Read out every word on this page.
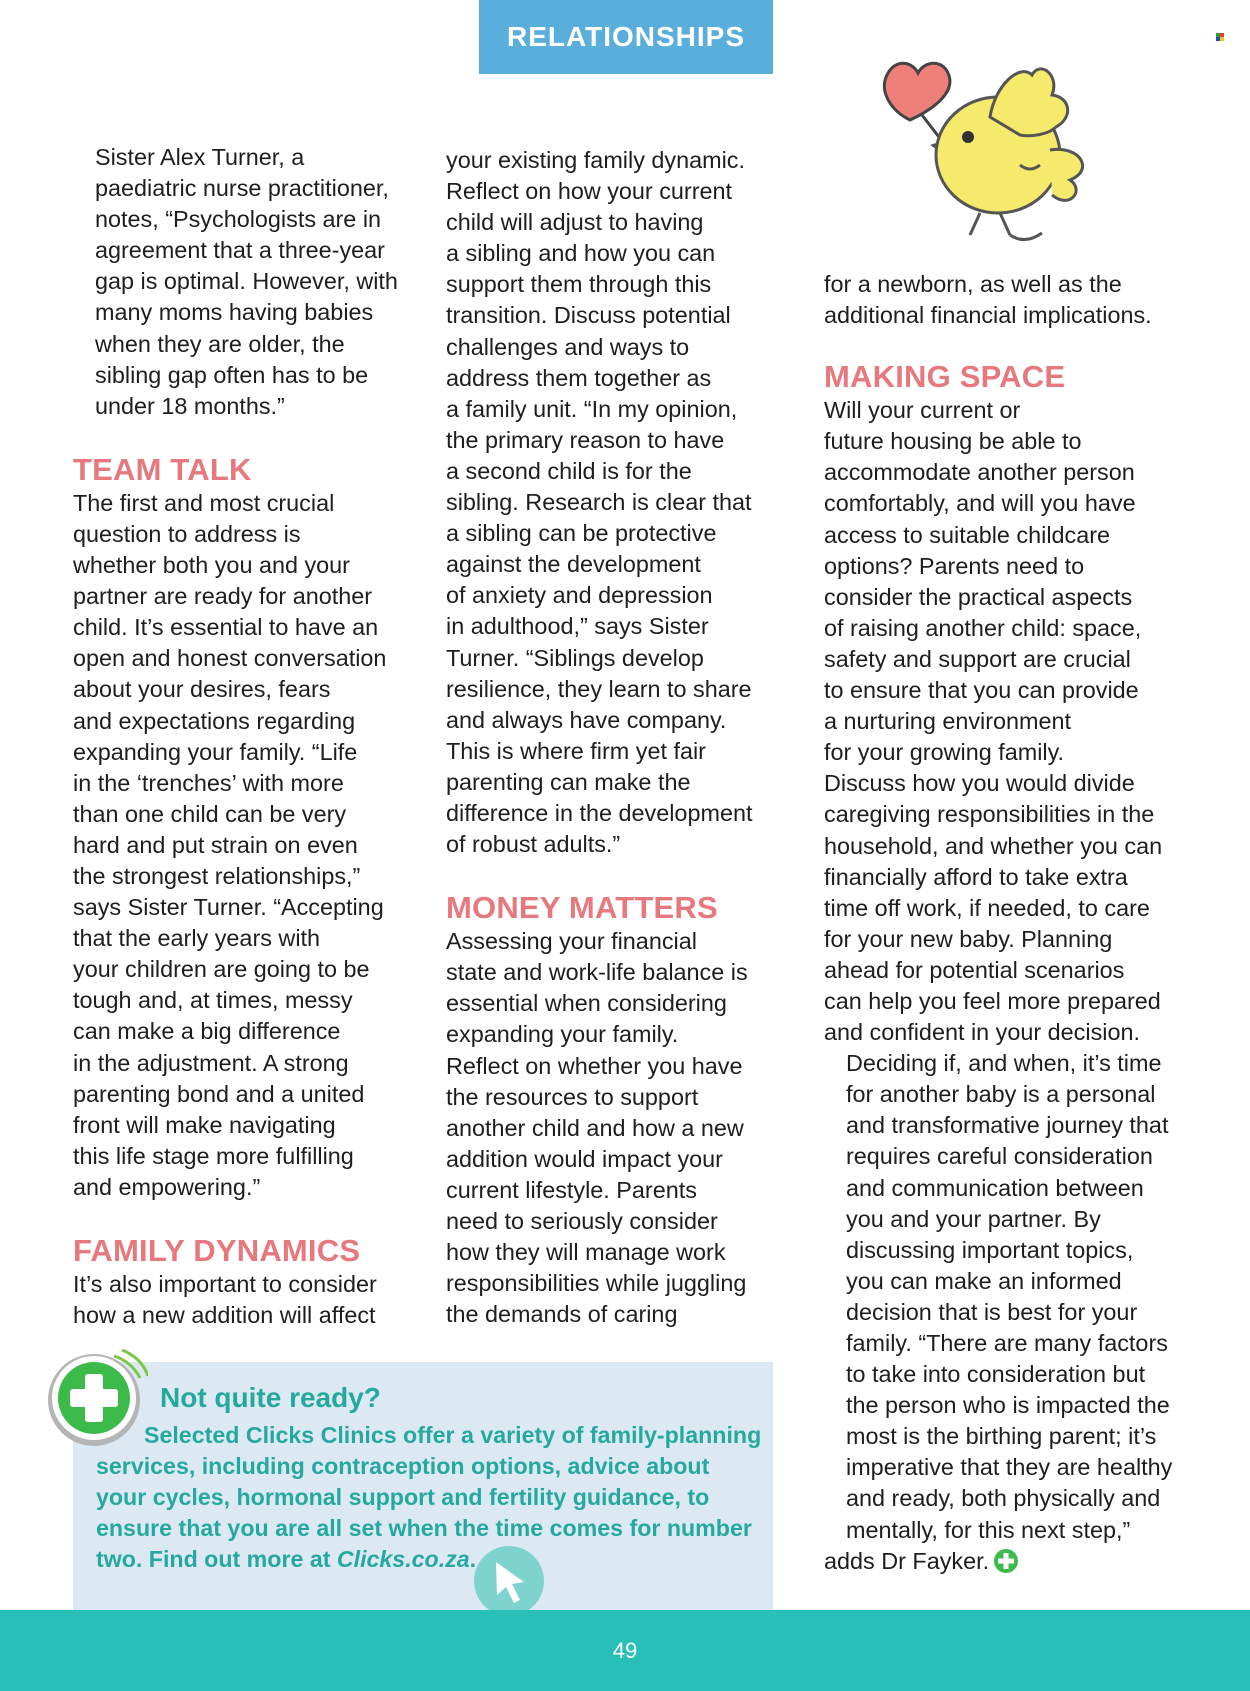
RELATIONSHIPS

Sister Alex Turner, a
paediatric nurse practitioner,
notes, “Psychologists are in
agreement that a three-year
gap is optimal. However, with
many moms having babies
when they are older, the
sibling gap often has to be
under 18 months.”

TEAM TALK

The first and most crucial
question to address is
whether both you and your
partner are ready for another
child. It’s essential to have an
open and honest conversation
about your desires, fears
and expectations regarding
expanding your family. “Life
in the ‘trenches’ with more
than one child can be very
hard and put strain on even
the strongest relationships,”
says Sister Turner. “Accepting
that the early years with
your children are going to be
tough and, at times, messy
can make a big difference
in the adjustment. A strong
parenting bond and a united
front will make navigating
this life stage more fulfilling
and empowering.”

FAMILY DYNAMICS

It’s also important to consider
how a new addition will affect

your existing family dynamic.
Reflect on how your current
child will adjust to having
a sibling and how you can
support them through this
transition. Discuss potential
challenges and ways to
address them together as
a family unit. “In my opinion,
the primary reason to have
a second child is for the
sibling. Research is clear that
a sibling can be protective
against the development
of anxiety and depression
in adulthood,” says Sister
Turner. “Siblings develop
resilience, they learn to share
and always have company.
This is where firm yet fair
parenting can make the
difference in the development
of robust adults.”

MONEY MATTERS

Assessing your financial
state and work-life balance is
essential when considering
expanding your family.
Reflect on whether you have
the resources to support
another child and how a new
addition would impact your
current lifestyle. Parents
need to seriously consider
how they will manage work
responsibilities while juggling
the demands of caring

for a newborn, as well as the
additional financial implications.

MAKING SPACE

Will your current or
future housing be able to
accommodate another person
comfortably, and will you have
access to suitable childcare
options? Parents need to
consider the practical aspects
of raising another child: space,
safety and support are crucial
to ensure that you can provide
a nurturing environment
for your growing family.
Discuss how you would divide
caregiving responsibilities in the
household, and whether you can
financially afford to take extra
time off work, if needed, to care
for your new baby. Planning
ahead for potential scenarios
can help you feel more prepared
and confident in your decision.

Deciding if, and when, it’s time
for another baby is a personal
and transformative journey that
requires careful consideration
and communication between
you and your partner. By
discussing important topics,
you can make an informed
decision that is best for your
family. “There are many factors
to take into consideration but
the person who is impacted the
most is the birthing parent; it’s
imperative that they are healthy
and ready, both physically and
mentally, for this next step,”
adds Dr Fayker.

Not quite ready?
Selected Clicks Clinics offer a variety of family-planning
services, including contraception options, advice about
your cycles, hormonal support and fertility guidance, to
ensure that you are all set when the time comes for number
two. Find out more at Clicks.co.za.
49
